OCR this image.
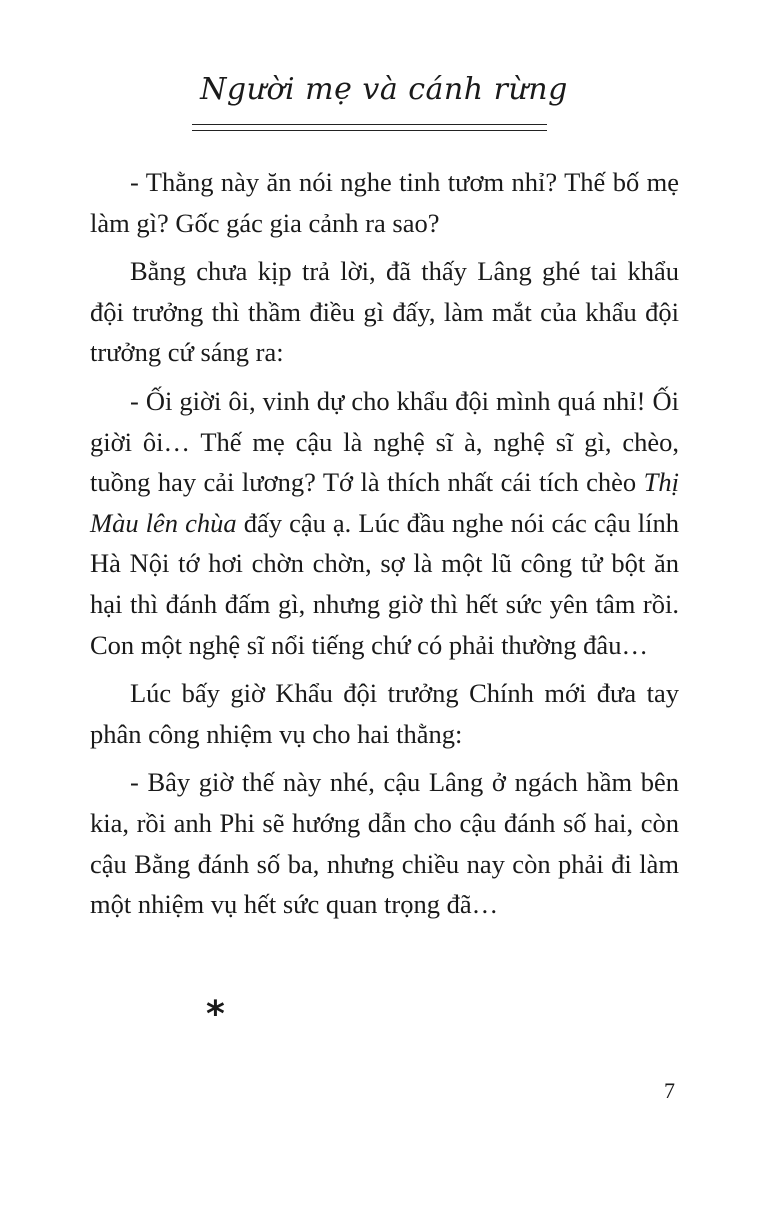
Người mẹ và cánh rừng

- Thằng này ăn nói nghe tinh tươm nhỉ? Thế bố mẹ làm gì? Gốc gác gia cảnh ra sao?

Bằng chưa kịp trả lời, đã thấy Lâng ghé tai khẩu đội trưởng thì thầm điều gì đấy, làm mắt của khẩu đội trưởng cứ sáng ra:

- Ối giời ôi, vinh dự cho khẩu đội mình quá nhỉ! Ối giời ôi… Thế mẹ cậu là nghệ sĩ à, nghệ sĩ gì, chèo, tuồng hay cải lương? Tớ là thích nhất cái tích chèo Thị Màu lên chùa đấy cậu ạ. Lúc đầu nghe nói các cậu lính Hà Nội tớ hơi chờn chờn, sợ là một lũ công tử bột ăn hại thì đánh đấm gì, nhưng giờ thì hết sức yên tâm rồi. Con một nghệ sĩ nổi tiếng chứ có phải thường đâu…

Lúc bấy giờ Khẩu đội trưởng Chính mới đưa tay phân công nhiệm vụ cho hai thằng:

- Bây giờ thế này nhé, cậu Lâng ở ngách hầm bên kia, rồi anh Phi sẽ hướng dẫn cho cậu đánh số hai, còn cậu Bằng đánh số ba, nhưng chiều nay còn phải đi làm một nhiệm vụ hết sức quan trọng đã…

*
7
